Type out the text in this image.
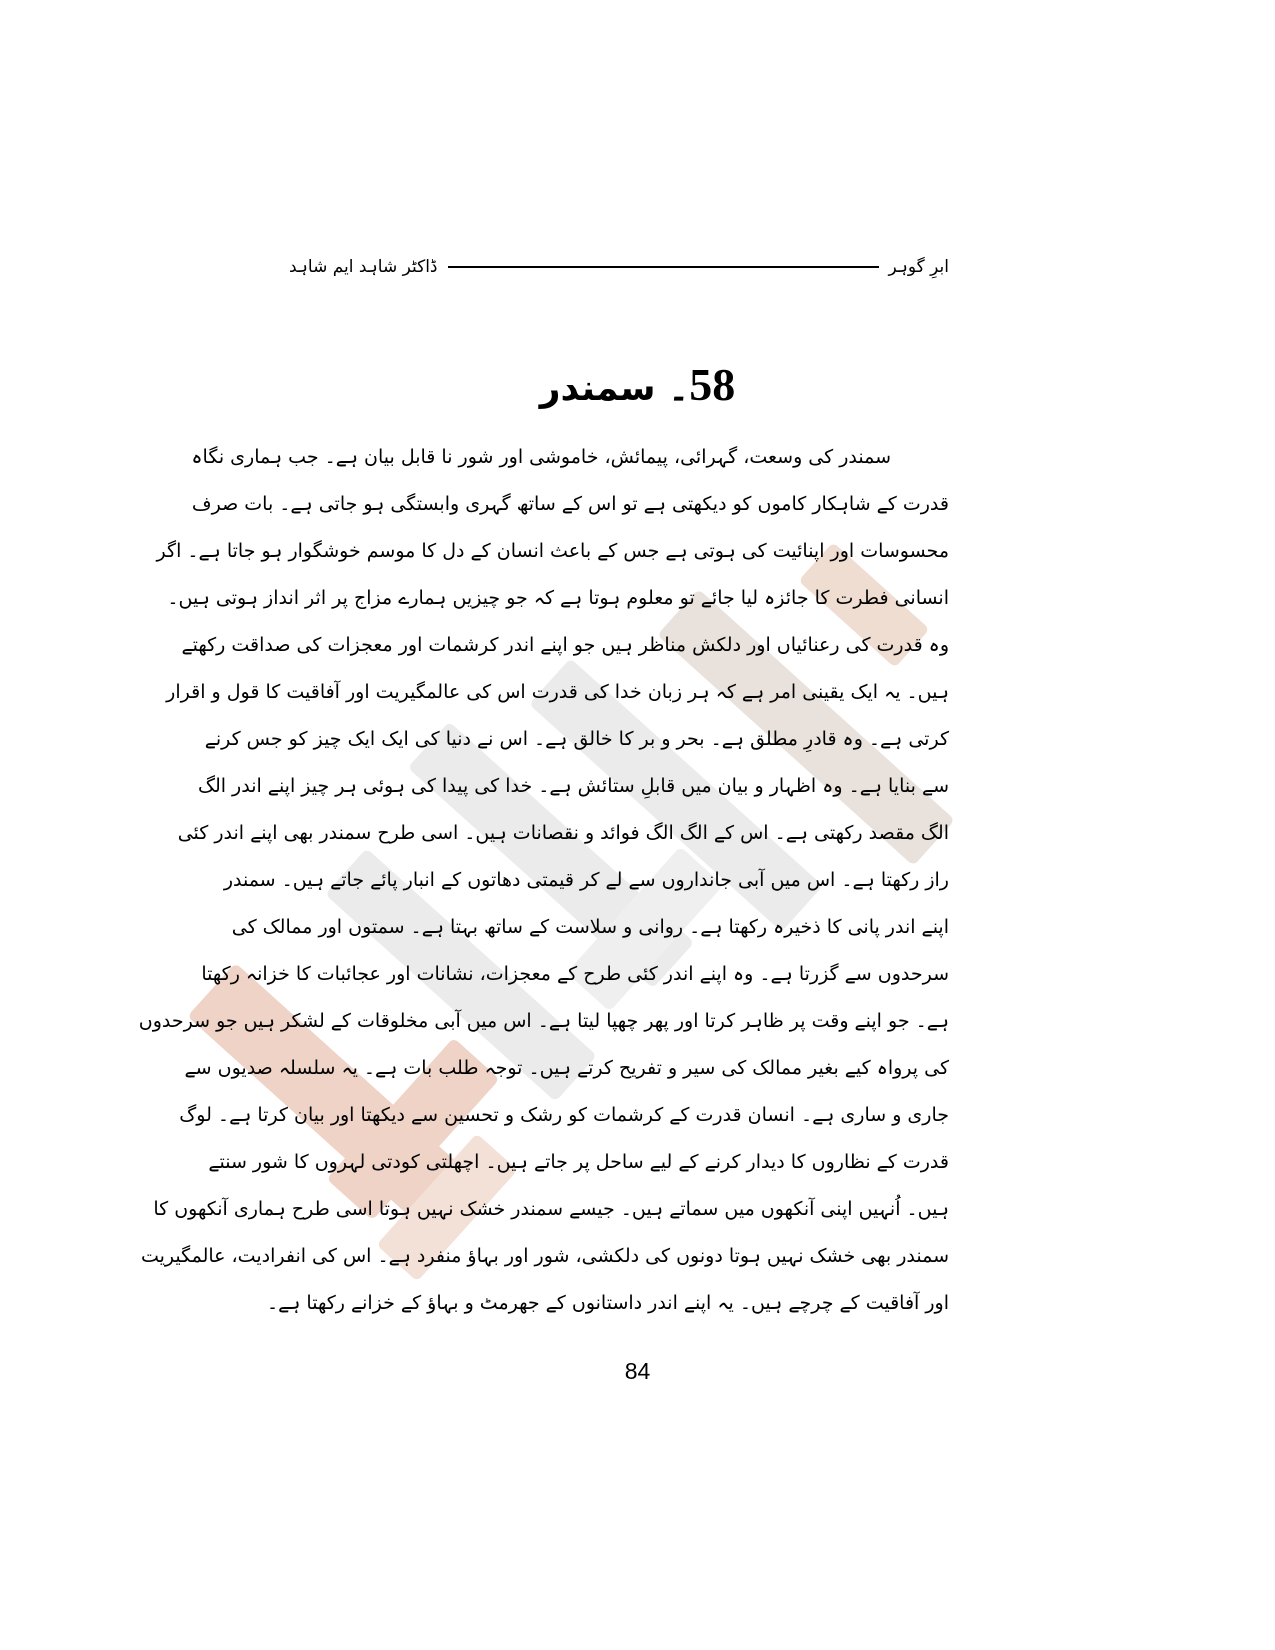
ڈاکٹر شاہد ایم شاہد	ابرِ گوہر
58۔ سمندر
سمندر کی وسعت، گہرائی، پیمائش، خاموشی اور شور نا قابل بیان ہے۔ جب ہماری نگاہ
قدرت کے شاہکار کاموں کو دیکھتی ہے تو اس کے ساتھ گہری وابستگی ہو جاتی ہے۔ بات صرف
محسوسات اور اپنائیت کی ہوتی ہے جس کے باعث انسان کے دل کا موسم خوشگوار ہو جاتا ہے۔ اگر
انسانی فطرت کا جائزہ لیا جائے تو معلوم ہوتا ہے کہ جو چیزیں ہمارے مزاج پر اثر انداز ہوتی ہیں۔
وہ قدرت کی رعنائیاں اور دلکش مناظر ہیں جو اپنے اندر کرشمات اور معجزات کی صداقت رکھتے
ہیں۔ یہ ایک یقینی امر ہے کہ ہر زبان خدا کی قدرت اس کی عالمگیریت اور آفاقیت کا قول و اقرار
کرتی ہے۔ وہ قادرِ مطلق ہے۔ بحر و بر کا خالق ہے۔ اس نے دنیا کی ایک ایک چیز کو جس کرنے
سے بنایا ہے۔ وہ اظہار و بیان میں قابلِ ستائش ہے۔ خدا کی پیدا کی ہوئی ہر چیز اپنے اندر الگ
الگ مقصد رکھتی ہے۔ اس کے الگ الگ فوائد و نقصانات ہیں۔ اسی طرح سمندر بھی اپنے اندر کئی
راز رکھتا ہے۔ اس میں آبی جانداروں سے لے کر قیمتی دھاتوں کے انبار پائے جاتے ہیں۔ سمندر
اپنے اندر پانی کا ذخیرہ رکھتا ہے۔ روانی و سلاست کے ساتھ بہتا ہے۔ سمتوں اور ممالک کی
سرحدوں سے گزرتا ہے۔ وہ اپنے اندر کئی طرح کے معجزات، نشانات اور عجائبات کا خزانہ رکھتا
ہے۔ جو اپنے وقت پر ظاہر کرتا اور پھر چھپا لیتا ہے۔ اس میں آبی مخلوقات کے لشکر ہیں جو سرحدوں
کی پرواہ کیے بغیر ممالک کی سیر و تفریح کرتے ہیں۔ توجہ طلب بات ہے۔ یہ سلسلہ صدیوں سے
جاری و ساری ہے۔ انسان قدرت کے کرشمات کو رشک و تحسین سے دیکھتا اور بیان کرتا ہے۔ لوگ
قدرت کے نظاروں کا دیدار کرنے کے لیے ساحل پر جاتے ہیں۔ اچھلتی کودتی لہروں کا شور سنتے
ہیں۔ اُنہیں اپنی آنکھوں میں سماتے ہیں۔ جیسے سمندر خشک نہیں ہوتا اسی طرح ہماری آنکھوں کا
سمندر بھی خشک نہیں ہوتا دونوں کی دلکشی، شور اور بہاؤ منفرد ہے۔ اس کی انفرادیت، عالمگیریت
اور آفاقیت کے چرچے ہیں۔ یہ اپنے اندر داستانوں کے جھرمٹ و بہاؤ کے خزانے رکھتا ہے۔
84
